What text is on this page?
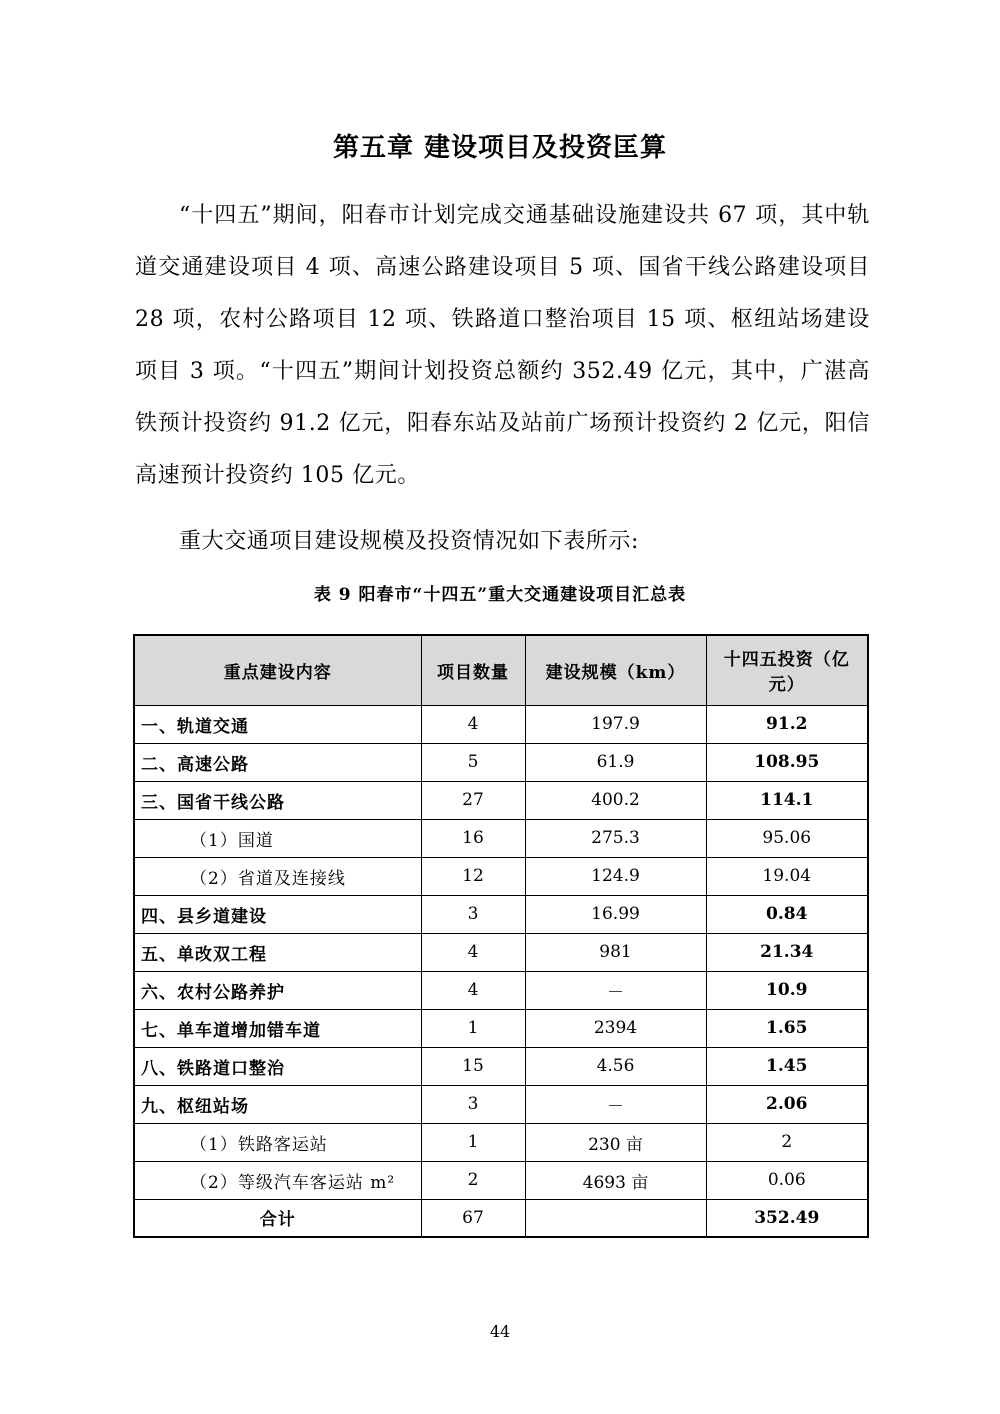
第五章 建设项目及投资匡算

“十四五”期间，阳春市计划完成交通基础设施建设共 67 项，其中轨道交通建设项目 4 项、高速公路建设项目 5 项、国省干线公路建设项目 28 项，农村公路项目 12 项、铁路道口整治项目 15 项、枢纽站场建设项目 3 项。“十四五”期间计划投资总额约 352.49 亿元，其中，广湛高铁预计投资约 91.2 亿元，阳春东站及站前广场预计投资约 2 亿元，阳信高速预计投资约 105 亿元。

重大交通项目建设规模及投资情况如下表所示:

表 9 阳春市“十四五”重大交通建设项目汇总表
重点建设内容	项目数量	建设规模（km）	十四五投资（亿元）
一、轨道交通	4	197.9	91.2
二、高速公路	5	61.9	108.95
三、国省干线公路	27	400.2	114.1
（1）国道	16	275.3	95.06
（2）省道及连接线	12	124.9	19.04
四、县乡道建设	3	16.99	0.84
五、单改双工程	4	981	21.34
六、农村公路养护	4	－	10.9
七、单车道增加错车道	1	2394	1.65
八、铁路道口整治	15	4.56	1.45
九、枢纽站场	3	－	2.06
（1）铁路客运站	1	230 亩	2
（2）等级汽车客运站 m²	2	4693 亩	0.06
合计	67		352.49
44
